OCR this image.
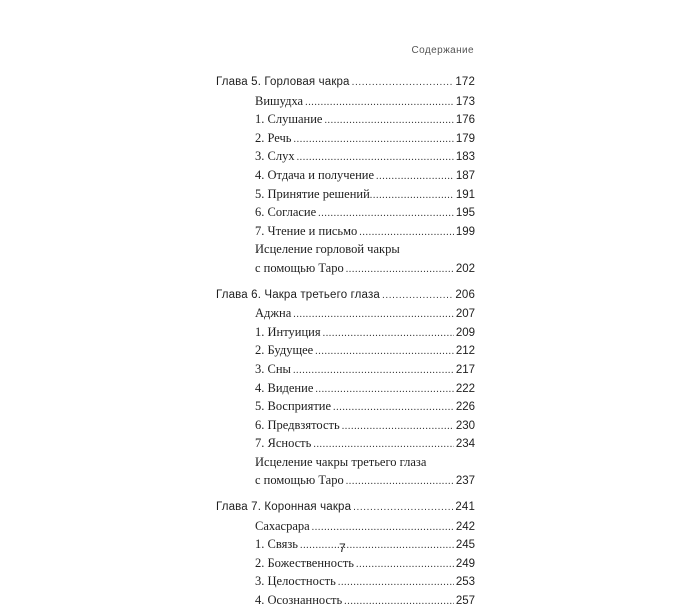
Содержание
Глава 5. Горловая чакра .....	172
Вишудха .....	173
1. Слушание .....	176
2. Речь .....	179
3. Слух .....	183
4. Отдача и получение .....	187
5. Принятие решений .....	191
6. Согласие .....	195
7. Чтение и письмо .....	199
Исцеление горловой чакры
с помощью Таро .....	202
Глава 6. Чакра третьего глаза .....	206
Аджна .....	207
1. Интуиция .....	209
2. Будущее .....	212
3. Сны .....	217
4. Видение .....	222
5. Восприятие .....	226
6. Предвзятость .....	230
7. Ясность .....	234
Исцеление чакры третьего глаза
с помощью Таро .....	237
Глава 7. Коронная чакра .....	241
Сахасрара .....	242
1. Связь .....	245
2. Божественность .....	249
3. Целостность .....	253
4. Осознанность .....	257
7
